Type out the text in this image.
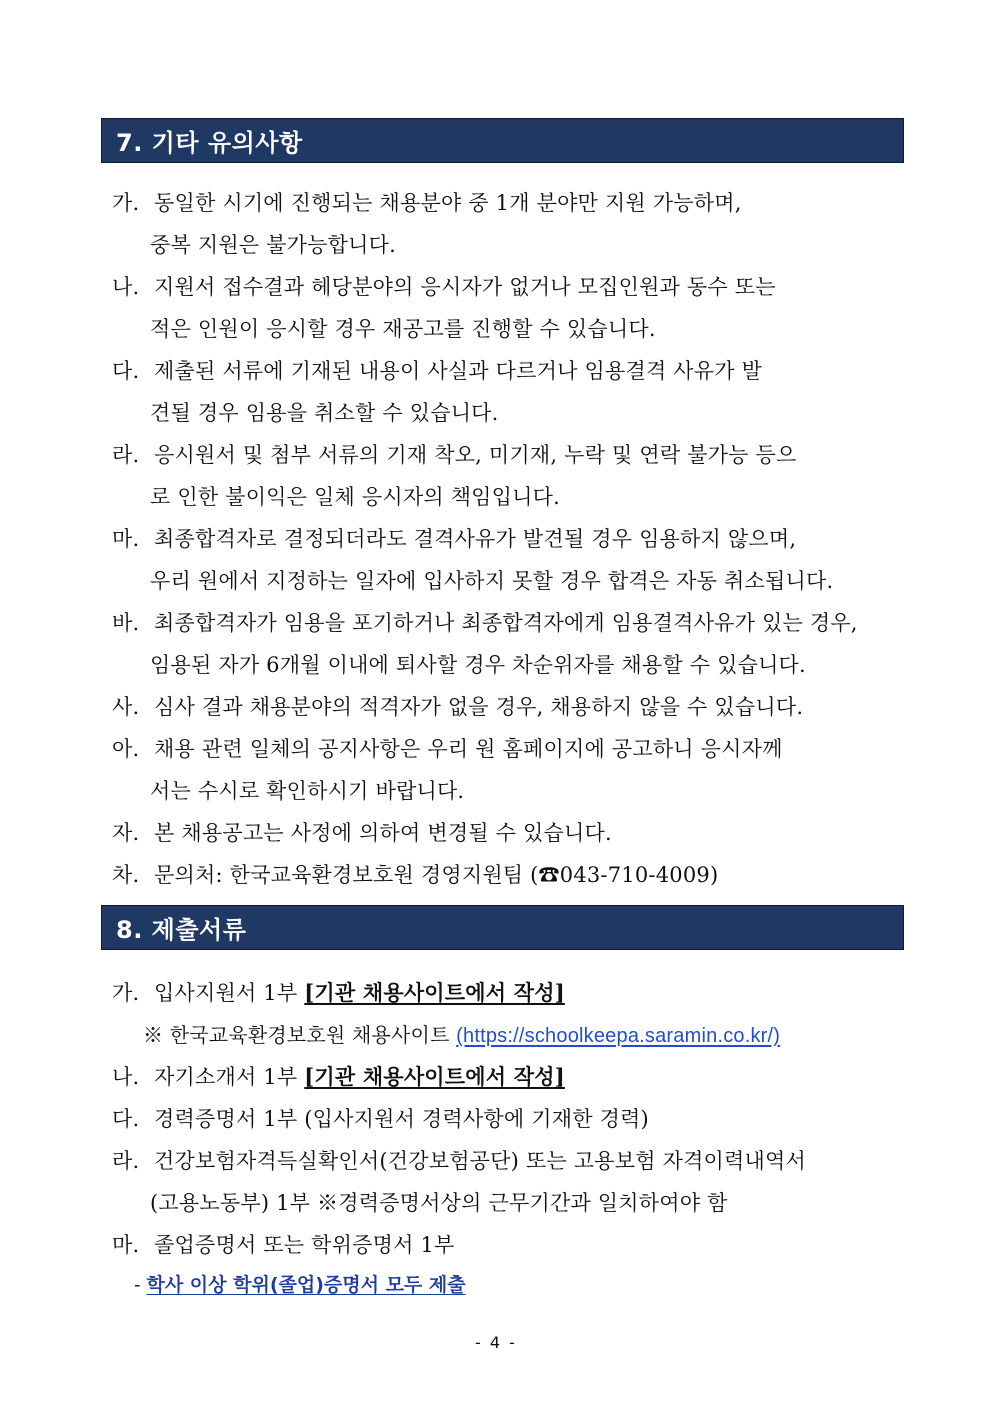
7. 기타 유의사항
가. 동일한 시기에 진행되는 채용분야 중 1개 분야만 지원 가능하며,
중복 지원은 불가능합니다.
나. 지원서 접수결과 헤당분야의 응시자가 없거나 모집인원과 동수 또는
적은 인원이 응시할 경우 재공고를 진행할 수 있습니다.
다. 제출된 서류에 기재된 내용이 사실과 다르거나 임용결격 사유가 발
견될 경우 임용을 취소할 수 있습니다.
라. 응시원서 및 첨부 서류의 기재 착오, 미기재, 누락 및 연락 불가능 등으
로 인한 불이익은 일체 응시자의 책임입니다.
마. 최종합격자로 결정되더라도 결격사유가 발견될 경우 임용하지 않으며,
우리 원에서 지정하는 일자에 입사하지 못할 경우 합격은 자동 취소됩니다.
바. 최종합격자가 임용을 포기하거나 최종합격자에게 임용결격사유가 있는 경우,
임용된 자가 6개월 이내에 퇴사할 경우 차순위자를 채용할 수 있습니다.
사. 심사 결과 채용분야의 적격자가 없을 경우, 채용하지 않을 수 있습니다.
아. 채용 관련 일체의 공지사항은 우리 원 홈페이지에 공고하니 응시자께
서는 수시로 확인하시기 바랍니다.
자. 본 채용공고는 사정에 의하여 변경될 수 있습니다.
차. 문의처: 한국교육환경보호원 경영지원팀 (☎043-710-4009)
8. 제출서류
가. 입사지원서 1부 [기관 채용사이트에서 작성]
※ 한국교육환경보호원 채용사이트 (https://schoolkeepa.saramin.co.kr/)
나. 자기소개서 1부 [기관 채용사이트에서 작성]
다. 경력증명서 1부 (입사지원서 경력사항에 기재한 경력)
라. 건강보험자격득실확인서(건강보험공단) 또는 고용보험 자격이력내역서
(고용노동부) 1부 ※경력증명서상의 근무기간과 일치하여야 함
마. 졸업증명서 또는 학위증명서 1부
- 학사 이상 학위(졸업)증명서 모두 제출
- 4 -
